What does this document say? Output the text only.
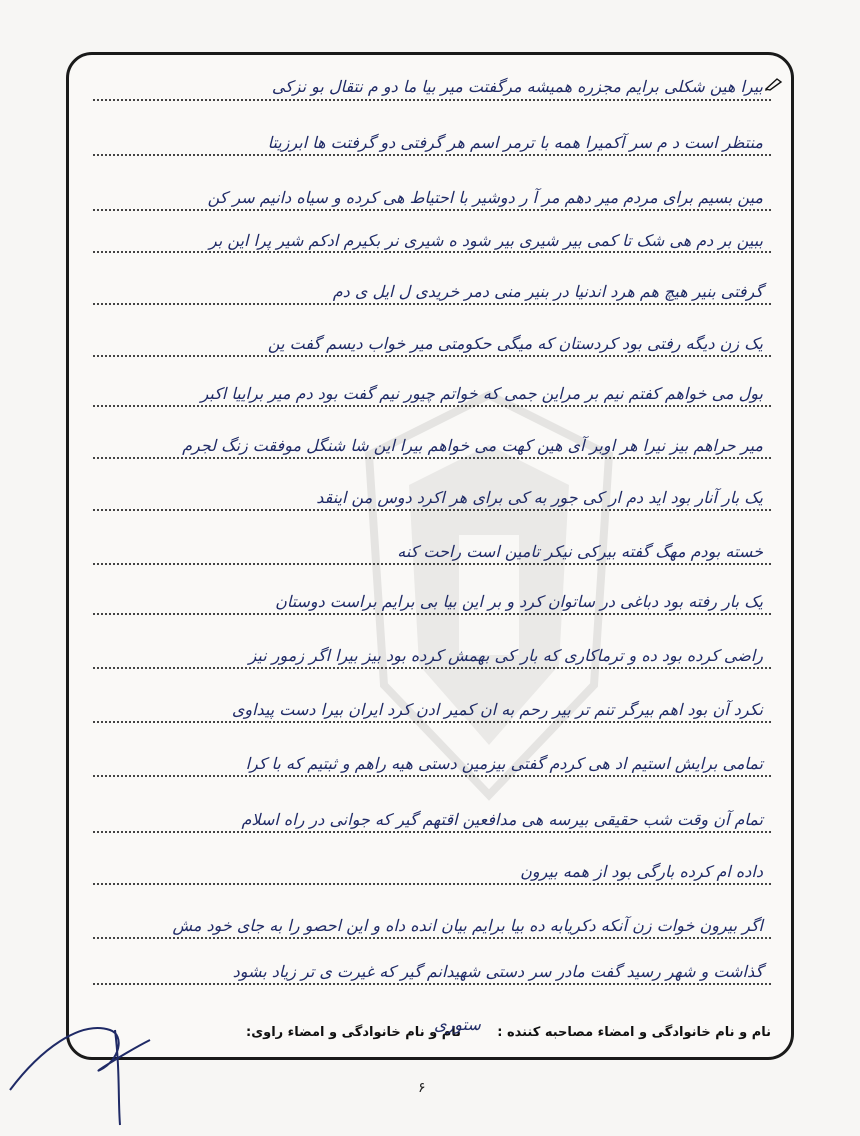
بیرا هین شکلی برایم مجزره همیشه مرگفتت میر بیا ما دو م نتقال بو نزکی
منتظر است د م سر آکمیرا همه با ترمر اسم هر گرفتی دو گرفتت ها ابرزیتا
مین بسیم برای مردم میر دهم مر آ ر دوشیر با احتیاط هی کرده و سیاه دانیم سر کن
ببین بر دم هی شک تا کمی بیر شیری بیر شود ه شیری نر بکیرم ادکم شیر پرا این بر
گرفتی بنیر هیچ هم هرد اندنیا در بنیر منی دمر خریدی ل ایل ی دم
یک زن دیگه رفتی بود کردستان که میگی حکومتی میر خواب دیسم گفت ین
بول می خواهم کفتم نیم بر مراین جمی که خواتم چیور نیم گفت بود دم میر براییا اکبر
میر حراهم بیز نیرا هر اوبر آی هین کهت می خواهم بیرا این شا شنگل موفقت زنگ لجرم
یک بار آنار بود اید دم ار کی جور به کی برای هر اکرد دوس من اینقد
خسته بودم مهگ گفته بیرکی نیکر تامین است راحت کنه
یک بار رفته بود دباغی در ساتوان کرد و بر این بیا بی برایم براست دوستان
راضی کرده بود ده و ترماکاری که بار کی بهمش کرده بود بیز بیرا اگر زمور نیز
نکرد آن بود اهم بیرگر تنم تر بیر رحم به ان کمیر ادن کرد ایران بیرا دست پیداوی
تمامی برایش استیم اد هی کردم گفتی بیزمین دستی هیه راهم و ثبتیم که با کرا
تمام آن وقت شب حقیقی بیرسه هی مدافعین اقتهم گیر که جوانی در راه اسلام
داده ام کرده بارگی بود از همه بیرون
اگر بیرون خوات زن آنکه دکریابه ده بیا برایم بیان انده داه و این احصو را به جای خود مش
گذاشت و شهر رسید گفت مادر سر دستی شهیدانم گیر که غیرت ی تر زیاد بشود
نام و نام خانوادگی و امضاء مصاحبه کننده :
نام و نام خانوادگی و امضاء راوی:
ستوری
۶
